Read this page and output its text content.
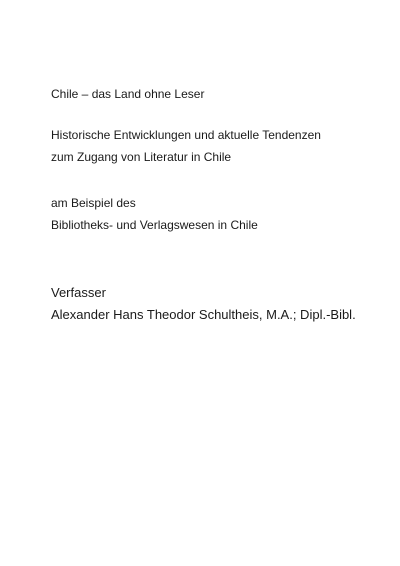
Chile – das Land ohne Leser
Historische Entwicklungen und aktuelle Tendenzen
zum Zugang von Literatur in Chile
am Beispiel des
Bibliotheks- und Verlagswesen in Chile
Verfasser
Alexander Hans Theodor Schultheis, M.A.; Dipl.-Bibl.
